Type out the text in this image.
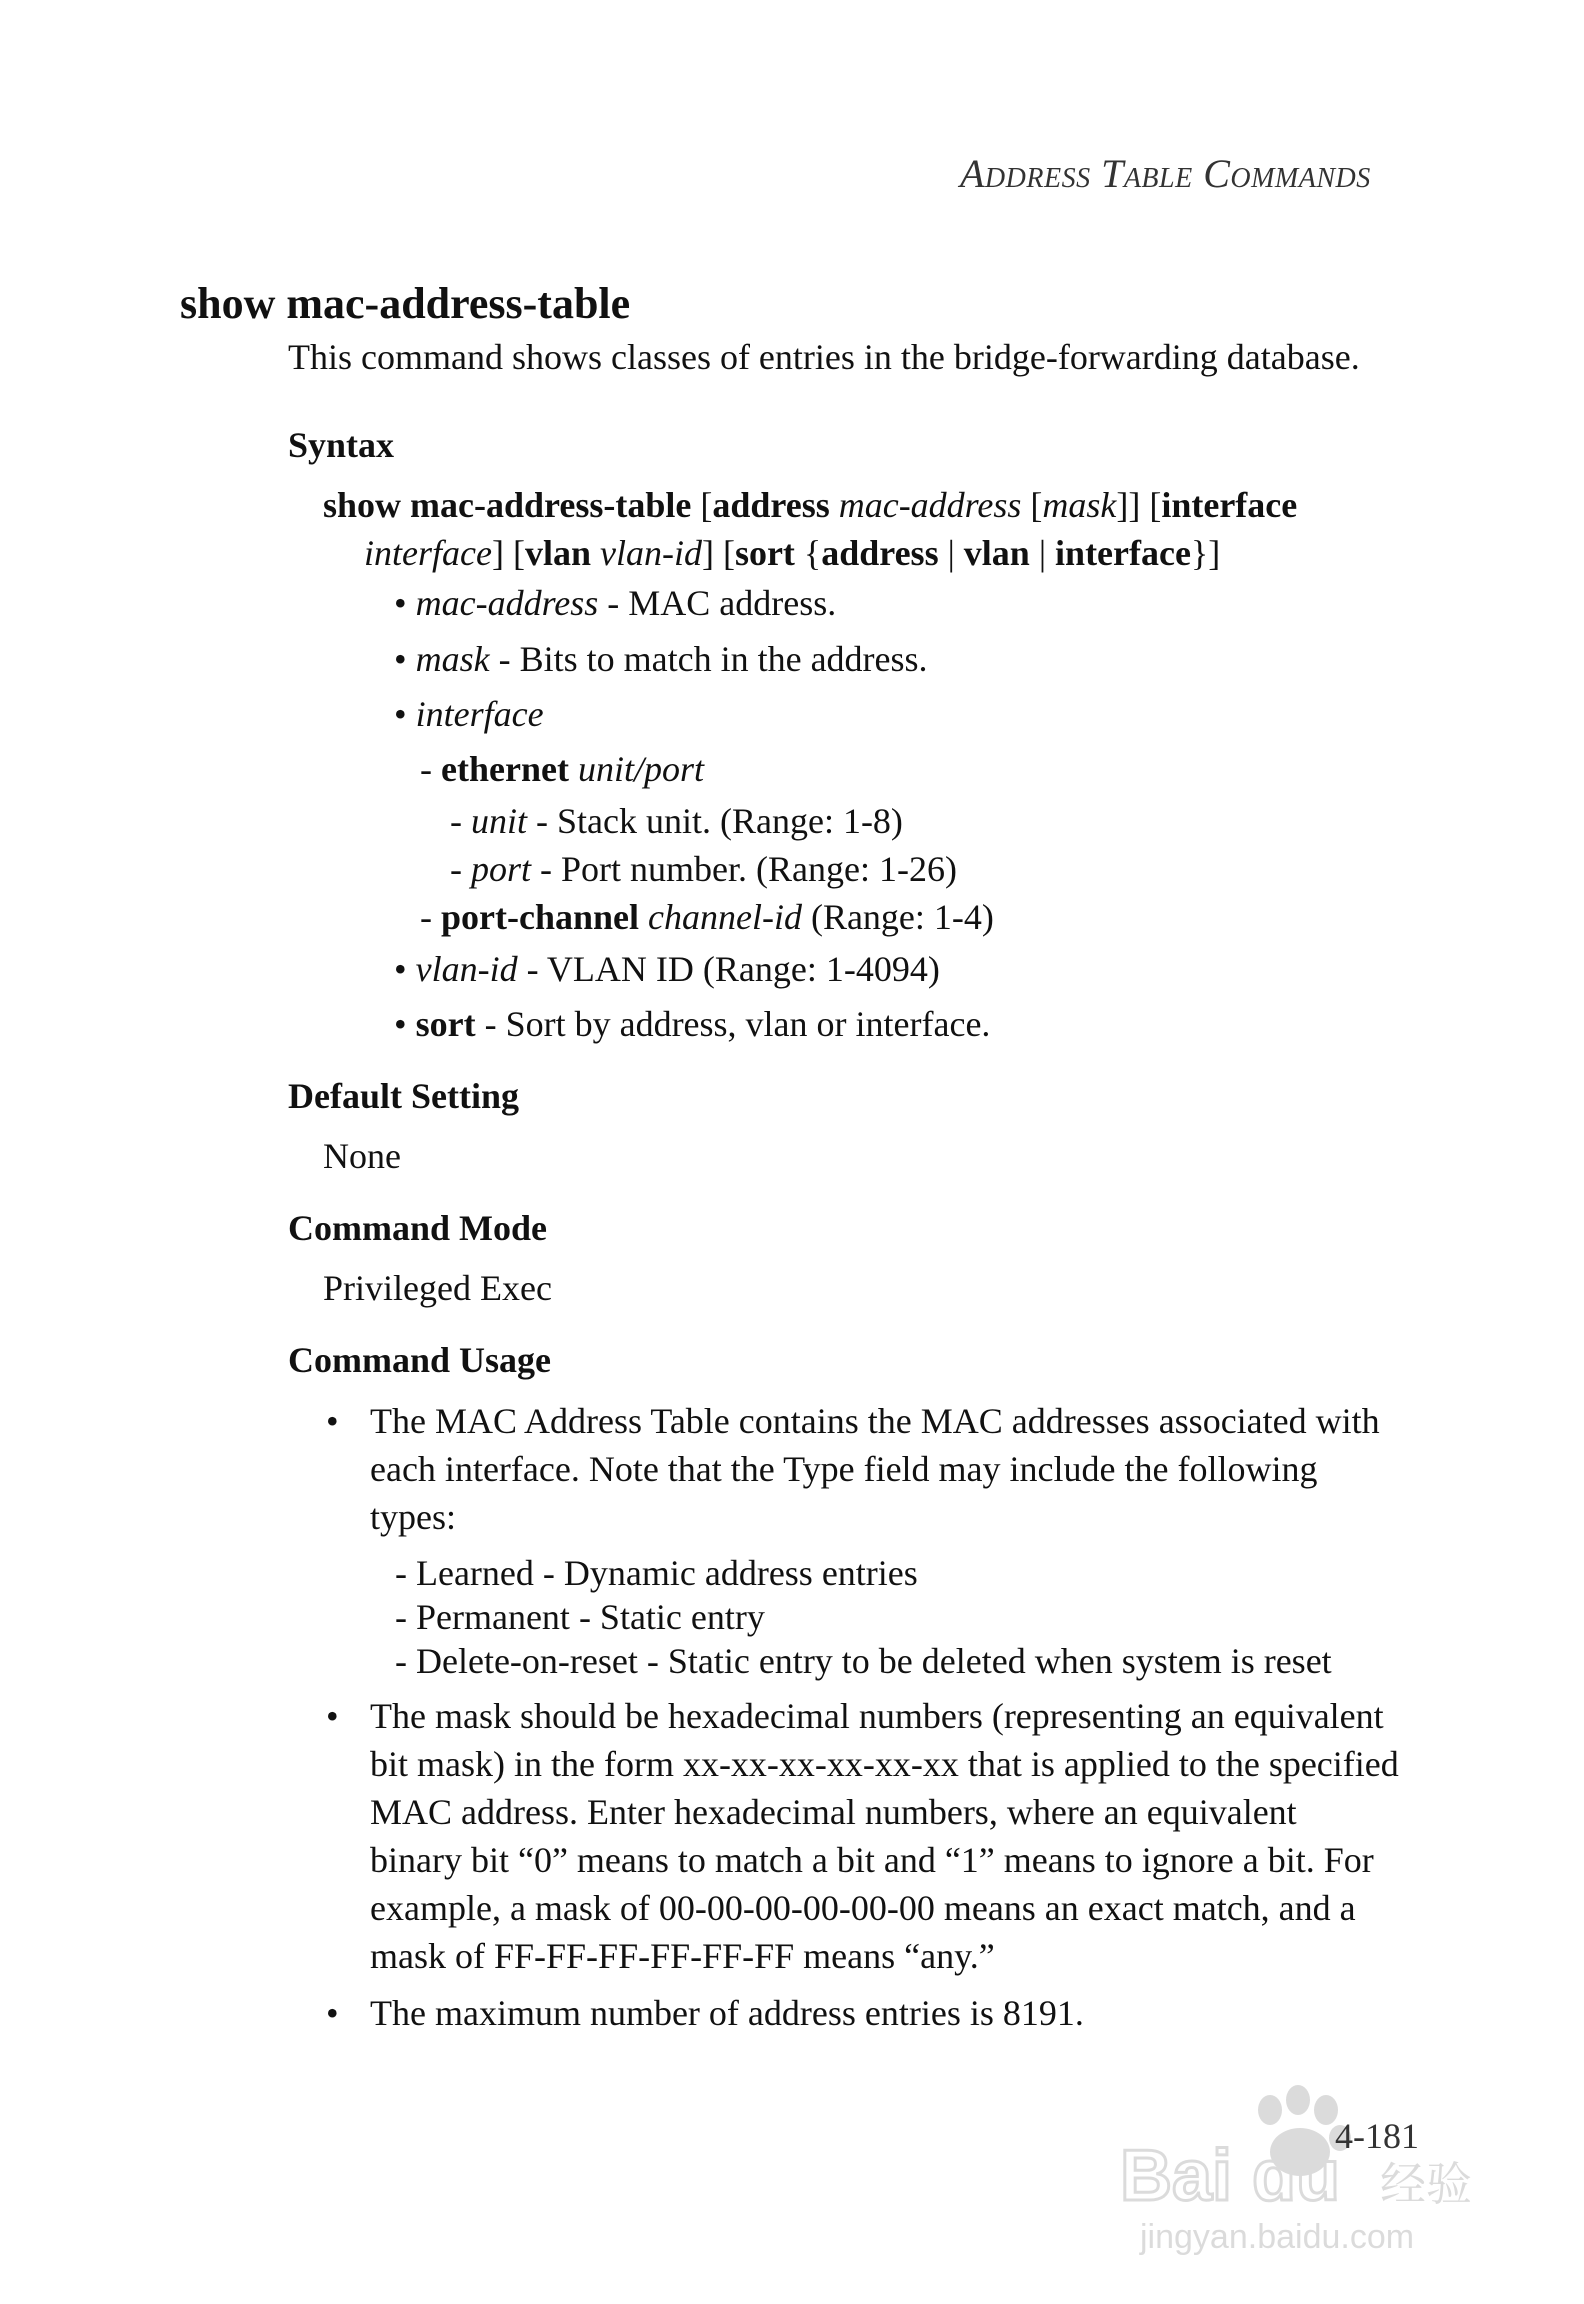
Address Table Commands
show mac-address-table
This command shows classes of entries in the bridge-forwarding database.
Syntax
show mac-address-table [address mac-address [mask]] [interface
interface] [vlan vlan-id] [sort {address | vlan | interface}]
• mac-address - MAC address.
• mask - Bits to match in the address.
• interface
- ethernet unit/port
- unit - Stack unit. (Range: 1-8)
- port - Port number. (Range: 1-26)
- port-channel channel-id (Range: 1-4)
• vlan-id - VLAN ID (Range: 1-4094)
• sort - Sort by address, vlan or interface.
Default Setting
None
Command Mode
Privileged Exec
Command Usage
• The MAC Address Table contains the MAC addresses associated with
each interface. Note that the Type field may include the following
types:
- Learned - Dynamic address entries
- Permanent - Static entry
- Delete-on-reset - Static entry to be deleted when system is reset
• The mask should be hexadecimal numbers (representing an equivalent
bit mask) in the form xx-xx-xx-xx-xx-xx that is applied to the specified
MAC address. Enter hexadecimal numbers, where an equivalent
binary bit “0” means to match a bit and “1” means to ignore a bit. For
example, a mask of 00-00-00-00-00-00 means an exact match, and a
mask of FF-FF-FF-FF-FF-FF means “any.”
• The maximum number of address entries is 8191.
Bai du 经验
jingyan.baidu.com
4-181
